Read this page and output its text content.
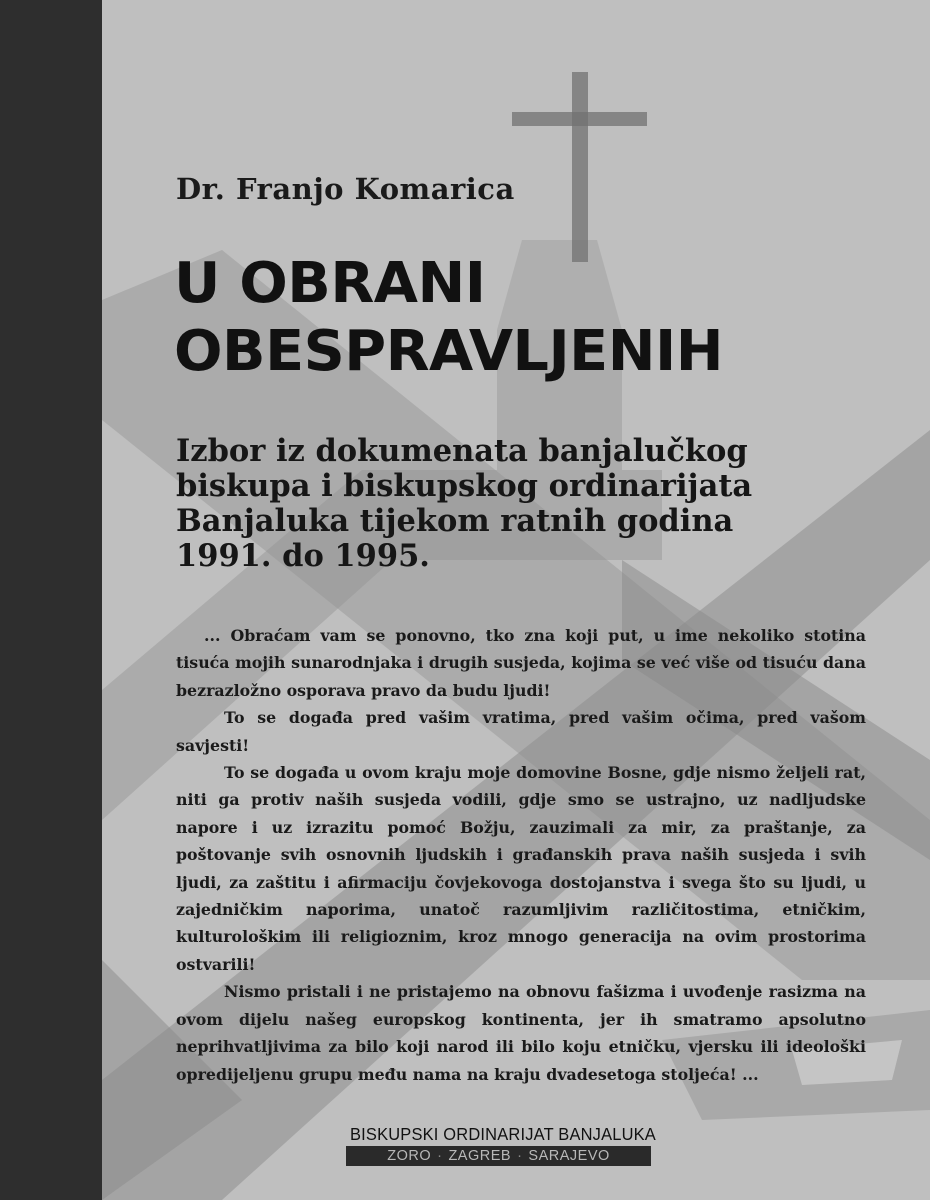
Dr. Franjo Komarica
U OBRANI
OBESPRAVLJENIH
Izbor iz dokumenata banjalučkog
biskupa i biskupskog ordinarijata
Banjaluka tijekom ratnih godina
1991. do 1995.

... Obraćam vam se ponovno, tko zna koji put, u ime nekoliko stotina tisuća mojih sunarodnjaka i drugih susjeda, kojima se već više od tisuću dana bezrazložno osporava pravo da budu ljudi!

To se događa pred vašim vratima, pred vašim očima, pred vašom savjesti!

To se događa u ovom kraju moje domovine Bosne, gdje nismo željeli rat, niti ga protiv naših susjeda vodili, gdje smo se ustrajno, uz nadljudske napore i uz izrazitu pomoć Božju, zauzimali za mir, za praštanje, za poštovanje svih osnovnih ljudskih i građanskih prava naših susjeda i svih ljudi, za zaštitu i afirmaciju čovjekovoga dostojanstva i svega što su ljudi, u zajedničkim naporima, unatoč razumljivim različitostima, etničkim, kulturološkim ili religioznim, kroz mnogo generacija na ovim prostorima ostvarili!

Nismo pristali i ne pristajemo na obnovu fašizma i uvođenje rasizma na ovom dijelu našeg europskog kontinenta, jer ih smatramo apsolutno neprihvatljivima za bilo koji narod ili bilo koju etničku, vjersku ili ideološki opredijeljenu grupu među nama na kraju dvadesetoga stoljeća! ...

BISKUPSKI ORDINARIJAT BANJALUKA
ZORO · ZAGREB · SARAJEVO
